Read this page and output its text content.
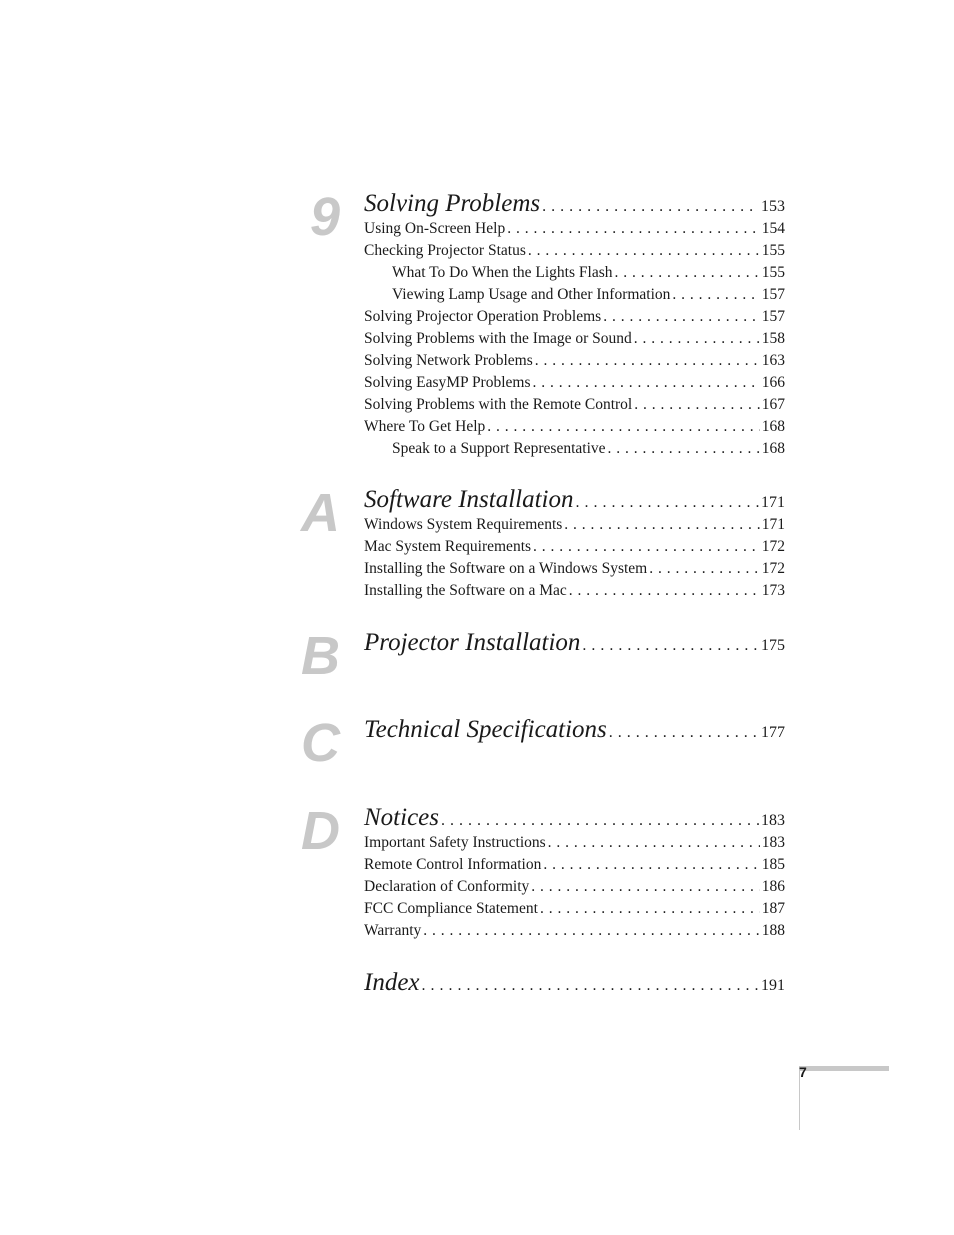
9 Solving Problems . . .	153
Using On-Screen Help . . .	154
Checking Projector Status . . .	155
What To Do When the Lights Flash . . .	155
Viewing Lamp Usage and Other Information . . .	157
Solving Projector Operation Problems . . .	157
Solving Problems with the Image or Sound . . .	158
Solving Network Problems . . .	163
Solving EasyMP Problems . . .	166
Solving Problems with the Remote Control . . .	167
Where To Get Help . . .	168
Speak to a Support Representative . . .	168
A Software Installation . . .	171
Windows System Requirements . . .	171
Mac System Requirements . . .	172
Installing the Software on a Windows System . . .	172
Installing the Software on a Mac . . .	173
B Projector Installation . . .	175
C Technical Specifications . . .	177
D Notices . . .	183
Important Safety Instructions . . .	183
Remote Control Information . . .	185
Declaration of Conformity . . .	186
FCC Compliance Statement . . .	187
Warranty . . .	188
Index . . .	191
7
